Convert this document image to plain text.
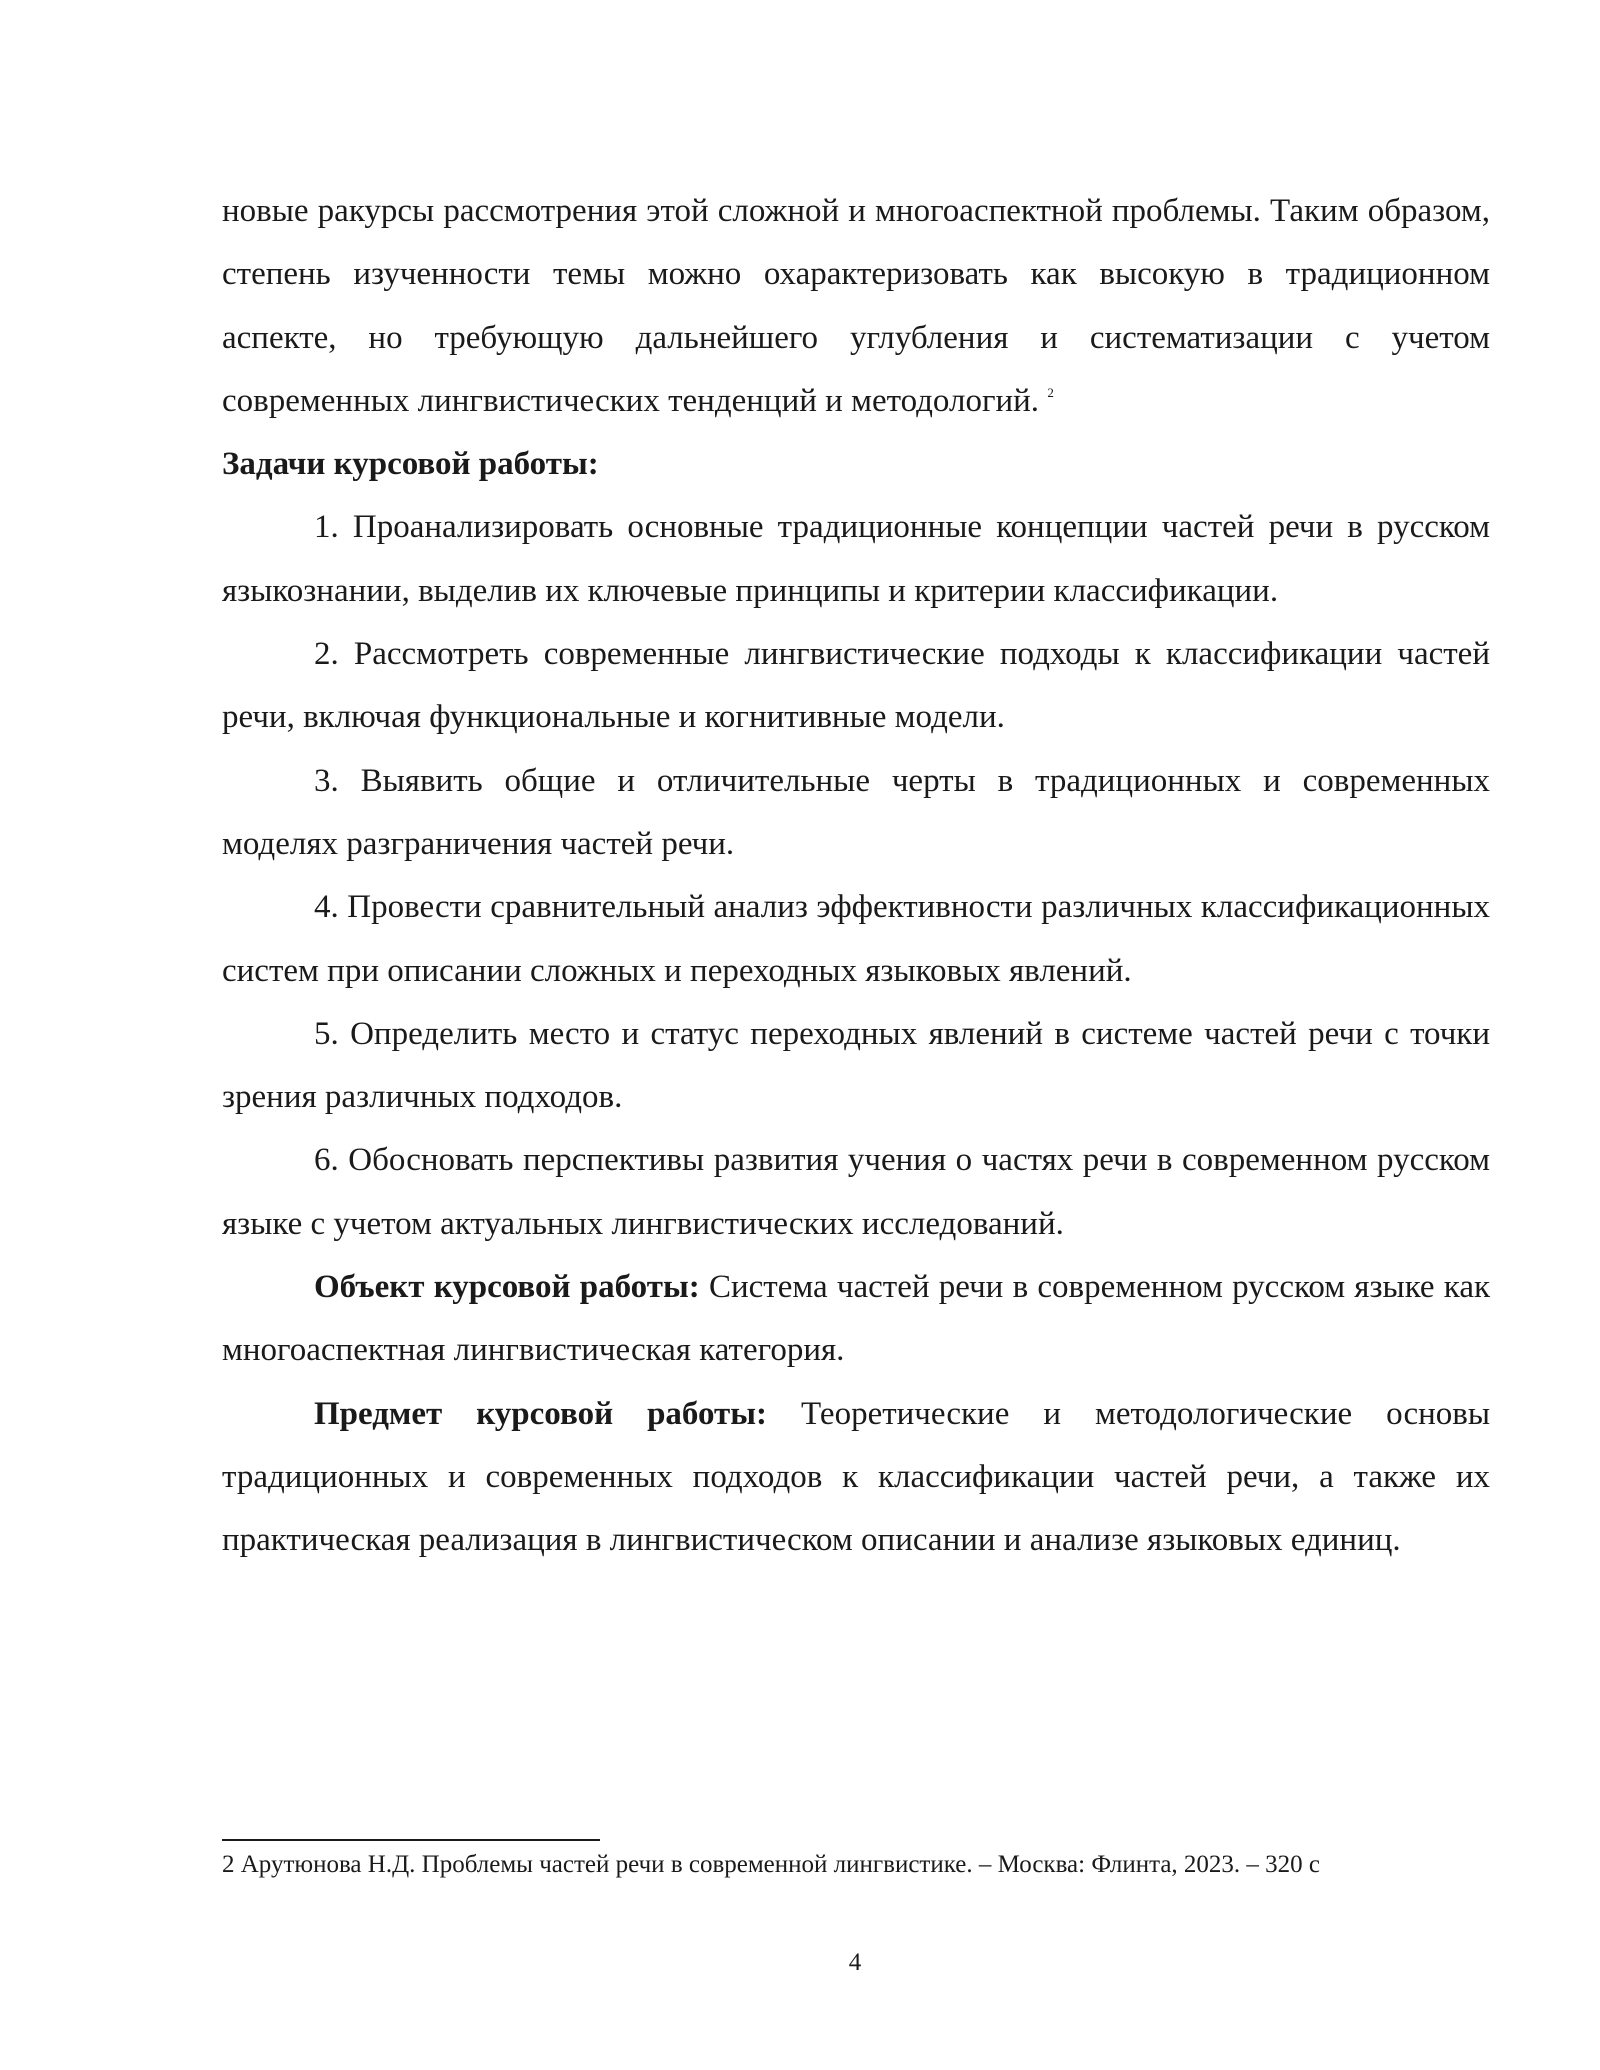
новые ракурсы рассмотрения этой сложной и многоаспектной проблемы. Таким образом, степень изученности темы можно охарактеризовать как высокую в традиционном аспекте, но требующую дальнейшего углубления и систематизации с учетом современных лингвистических тенденций и методологий. $^2$

Задачи курсовой работы:

1. Проанализировать основные традиционные концепции частей речи в русском языкознании, выделив их ключевые принципы и критерии классификации.

2. Рассмотреть современные лингвистические подходы к классификации частей речи, включая функциональные и когнитивные модели.

3. Выявить общие и отличительные черты в традиционных и современных моделях разграничения частей речи.

4. Провести сравнительный анализ эффективности различных классификационных систем при описании сложных и переходных языковых явлений.

5. Определить место и статус переходных явлений в системе частей речи с точки зрения различных подходов.

6. Обосновать перспективы развития учения о частях речи в современном русском языке с учетом актуальных лингвистических исследований.

Объект курсовой работы: Система частей речи в современном русском языке как многоаспектная лингвистическая категория.

Предмет курсовой работы: Теоретические и методологические основы традиционных и современных подходов к классификации частей речи, а также их практическая реализация в лингвистическом описании и анализе языковых единиц.

2 Арутюнова Н.Д. Проблемы частей речи в современной лингвистике. – Москва: Флинта, 2023. – 320 с

4
